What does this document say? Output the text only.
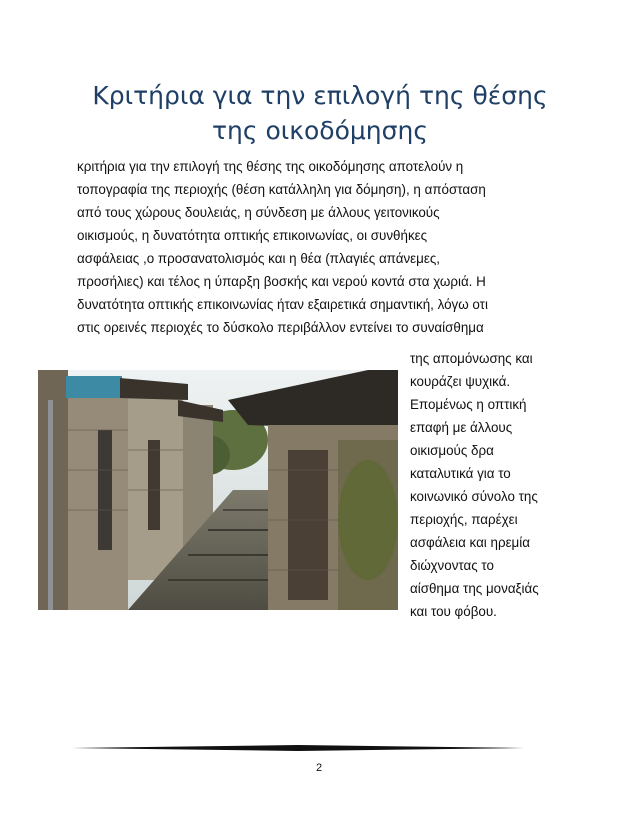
Κριτήρια για την επιλογή της θέσης της οικοδόμησης

κριτήρια για την επιλογή της θέσης της οικοδόμησης αποτελούν η
τοπογραφία της περιοχής (θέση κατάλληλη για δόμηση), η απόσταση
από τους χώρους δουλειάς, η σύνδεση με άλλους γειτονικούς
οικισμούς, η δυνατότητα οπτικής επικοινωνίας, οι συνθήκες
ασφάλειας ,ο προσανατολισμός και η θέα (πλαγιές απάνεμες,
προσήλιες) και τέλος η ύπαρξη βοσκής και νερού κοντά στα χωριά. Η
δυνατότητα οπτικής επικοινωνίας ήταν εξαιρετικά σημαντική, λόγω οτι
στις ορεινές περιοχές το δύσκολο περιβάλλον εντείνει το συναίσθημα

της απομόνωσης και
κουράζει ψυχικά.
Επομένως η οπτική
επαφή με άλλους
οικισμούς δρα
καταλυτικά για το
κοινωνικό σύνολο της
περιοχής, παρέχει
ασφάλεια και ηρεμία
διώχνοντας το
αίσθημα της μοναξιάς
και του φόβου.

2
